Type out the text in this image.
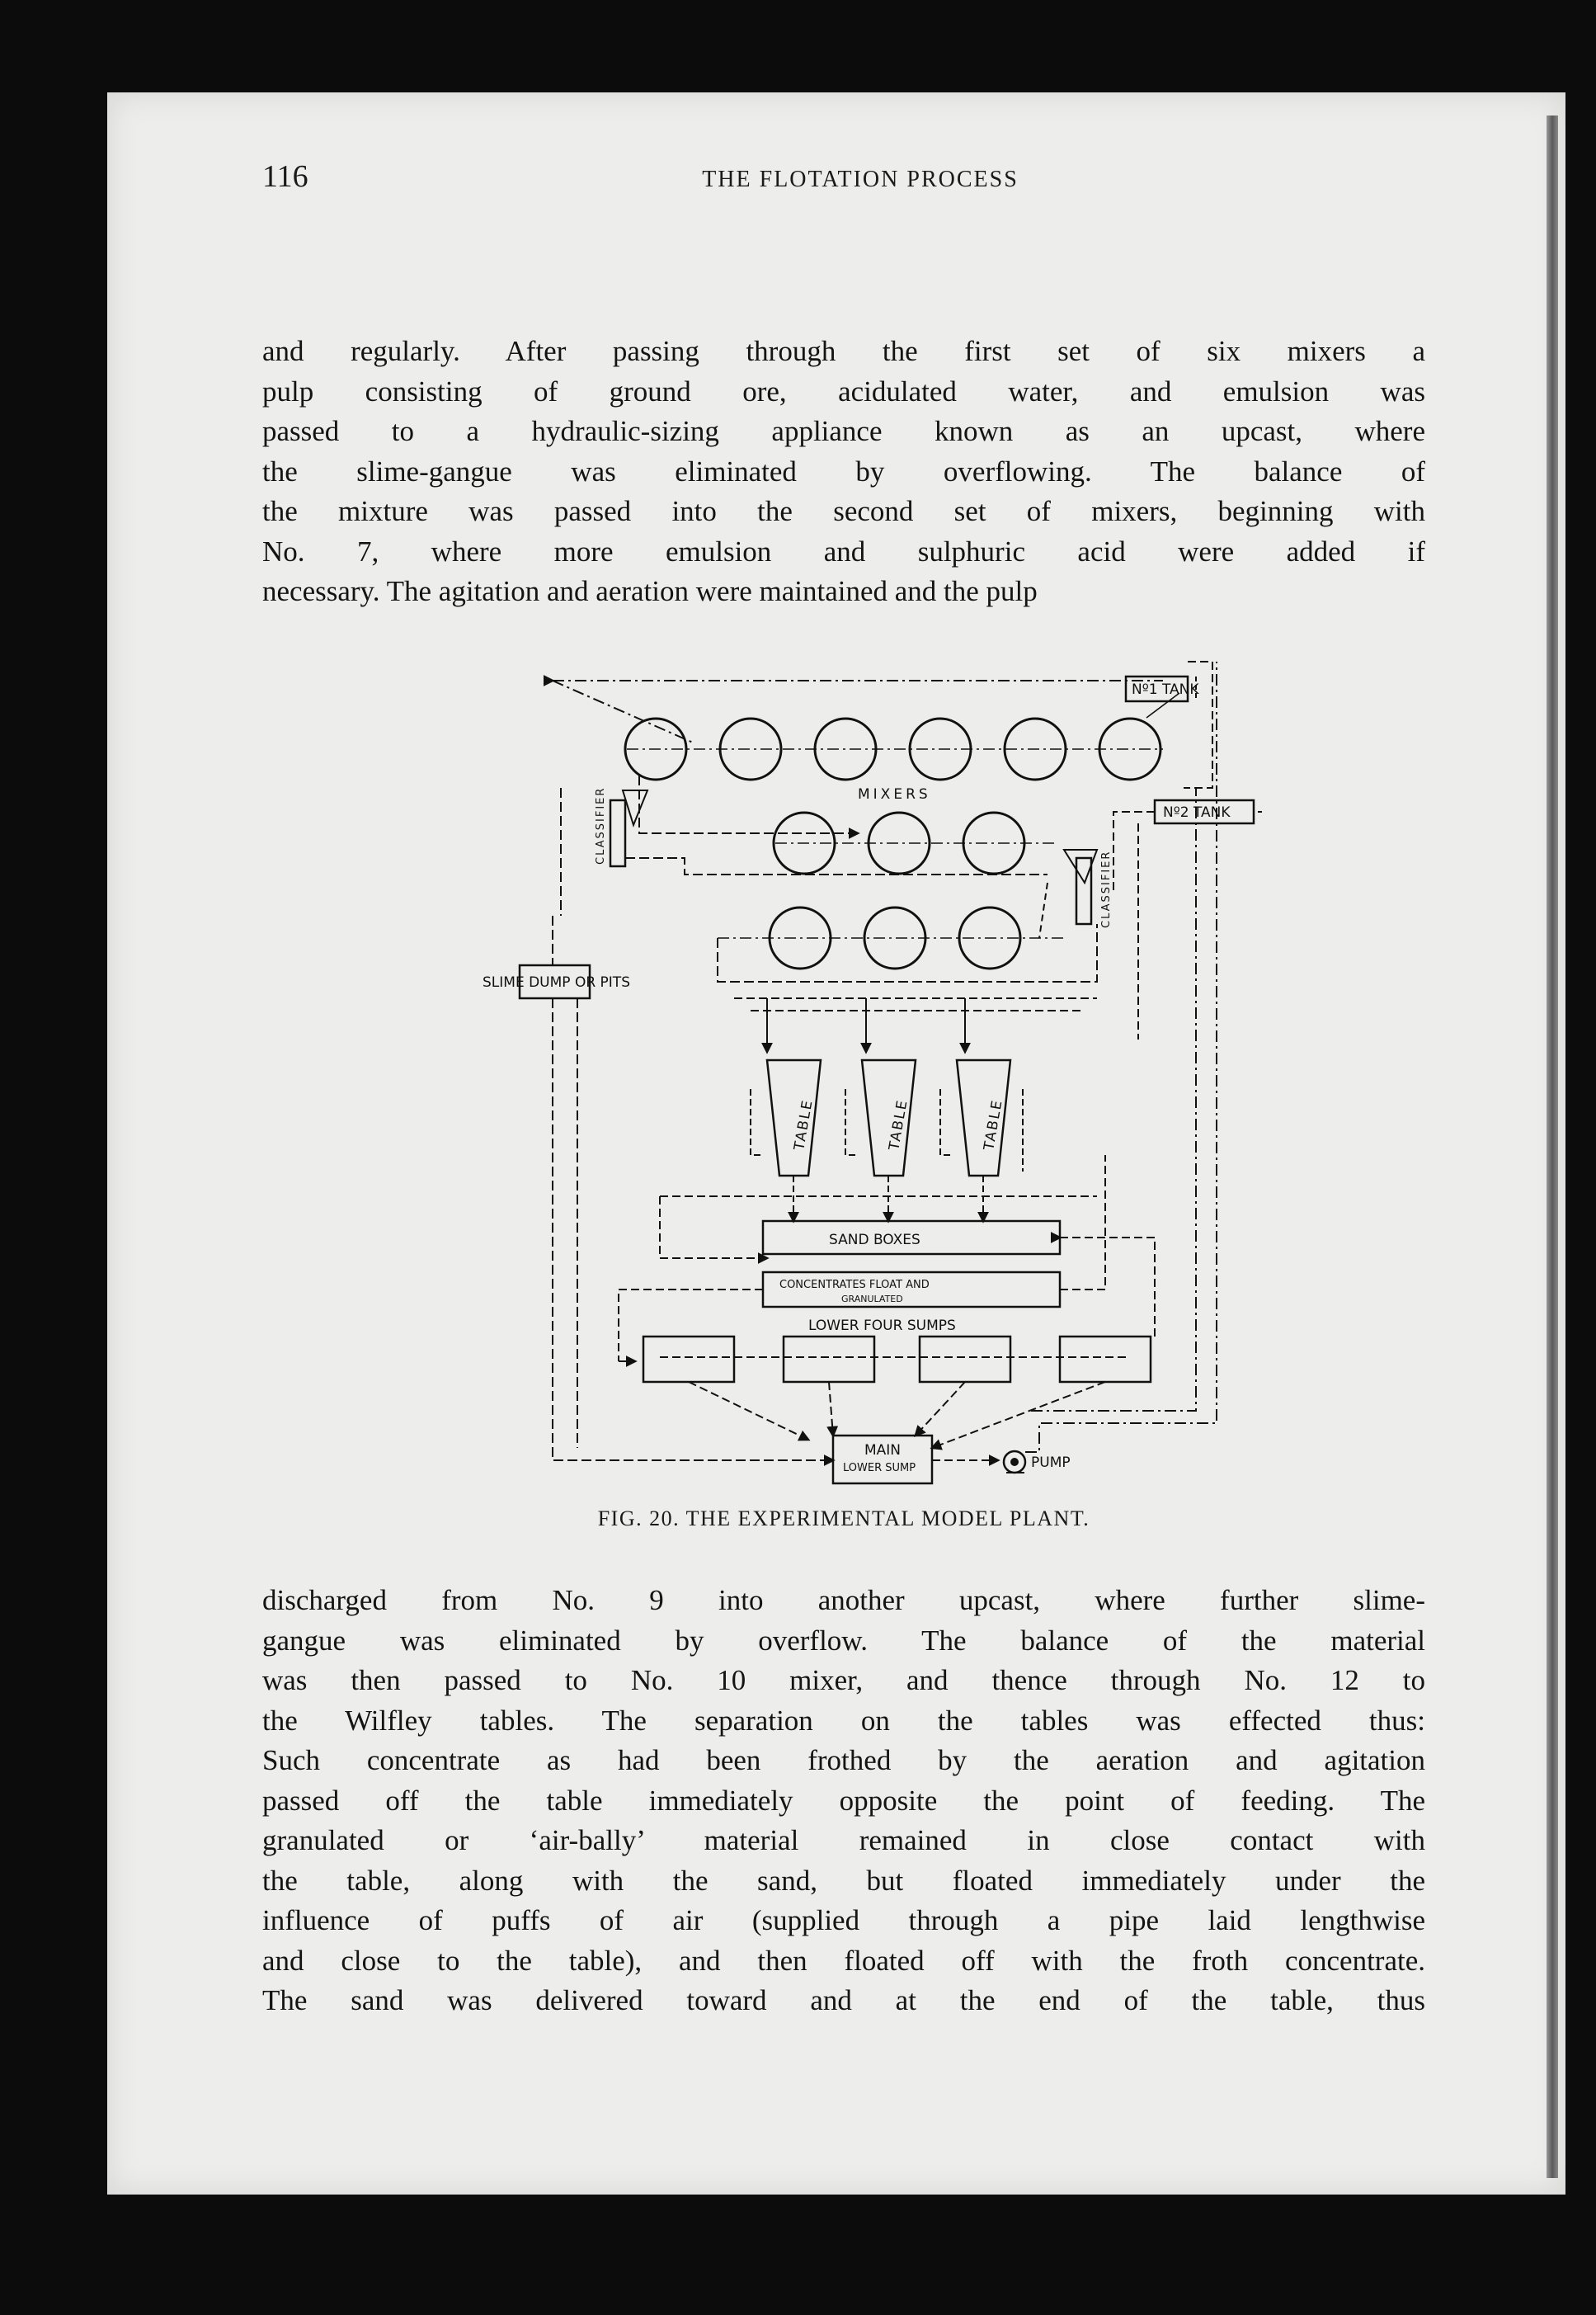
116	THE FLOTATION PROCESS

and regularly. After passing through the first set of six mixers a
pulp consisting of ground ore, acidulated water, and emulsion was
passed to a hydraulic-sizing appliance known as an upcast, where
the slime-gangue was eliminated by overflowing. The balance of
the mixture was passed into the second set of mixers, beginning with
No. 7, where more emulsion and sulphuric acid were added if
necessary. The agitation and aeration were maintained and the pulp

Nº1 TANK
MIXERS
CLASSIFIER
CLASSIFIER
Nº2 TANK
SLIME DUMP OR PITS
TABLE	TABLE	TABLE
SAND BOXES
CONCENTRATES FLOAT AND
GRANULATED
LOWER FOUR SUMPS
MAIN
LOWER SUMP	PUMP
FIG. 20. THE EXPERIMENTAL MODEL PLANT.

discharged from No. 9 into another upcast, where further slime-
gangue was eliminated by overflow. The balance of the material
was then passed to No. 10 mixer, and thence through No. 12 to
the Wilfley tables. The separation on the tables was effected thus:
Such concentrate as had been frothed by the aeration and agitation
passed off the table immediately opposite the point of feeding. The
granulated or ‘air-bally’ material remained in close contact with
the table, along with the sand, but floated immediately under the
influence of puffs of air (supplied through a pipe laid lengthwise
and close to the table), and then floated off with the froth concentrate.
The sand was delivered toward and at the end of the table, thus
